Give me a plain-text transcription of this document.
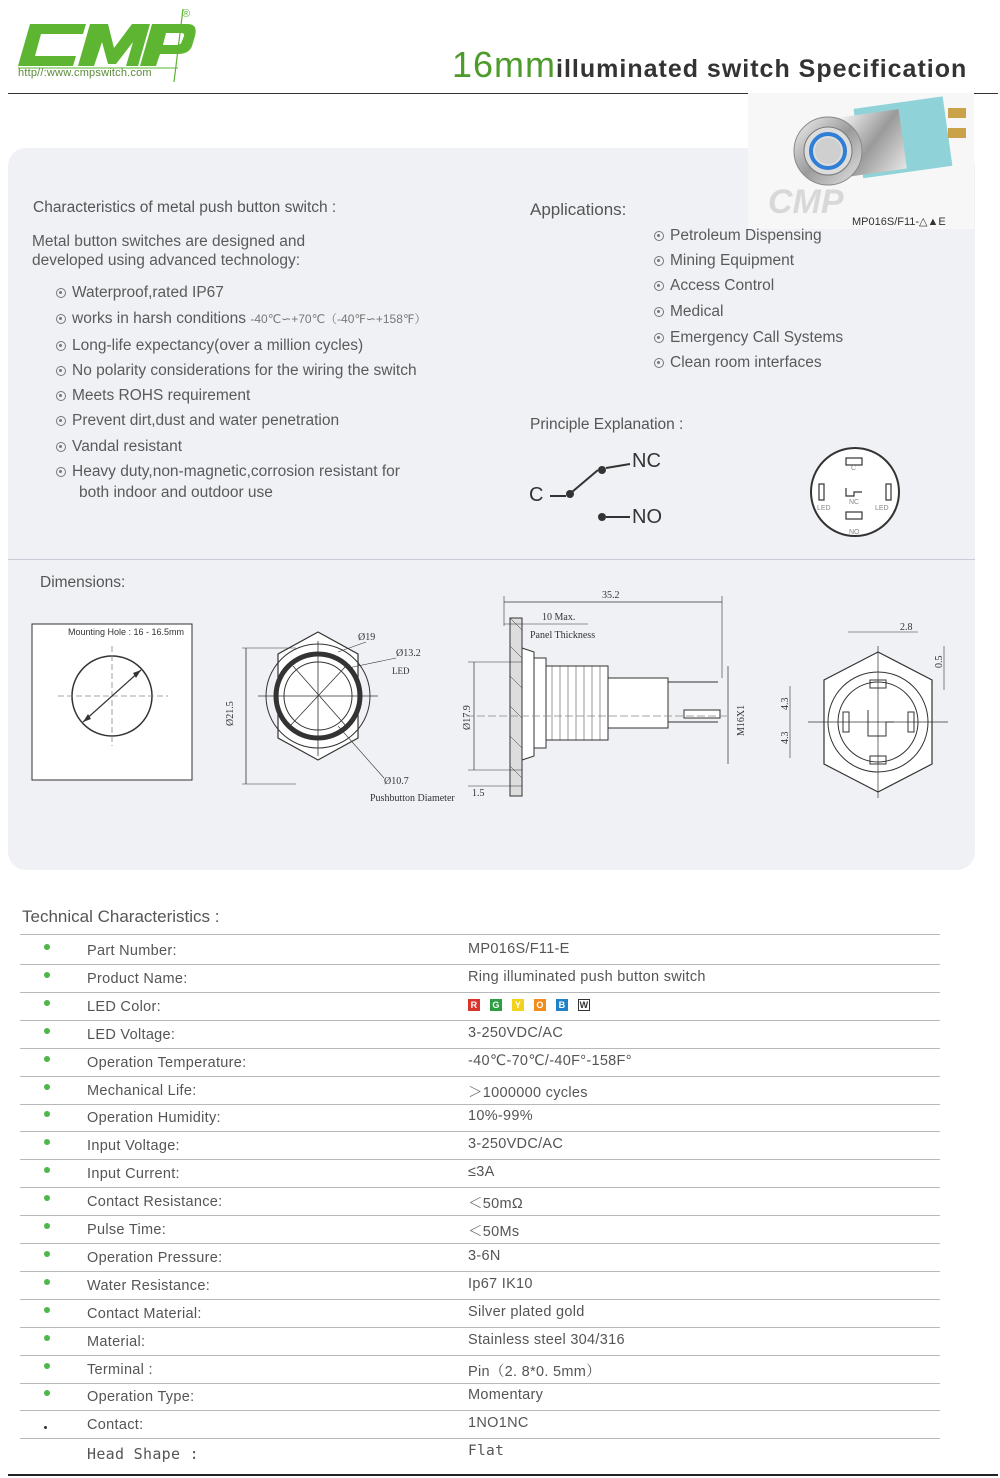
®
http//:www.cmpswitch.com	16mmilluminated switch Specification
CMP
MP016S/F11-△▲E
Characteristics of metal push button switch :
Metal button switches are designed and
developed using advanced technology:
Waterproof,rated IP67
works in harsh conditions -40℃∽+70℃（-40℉∽+158℉）
Long-life expectancy(over a million cycles)
No polarity considerations for the wiring the switch
Meets ROHS requirement
Prevent dirt,dust and water penetration
Vandal resistant
Heavy duty,non-magnetic,corrosion resistant for
both indoor and outdoor use
Applications:
Petroleum Dispensing
Mining Equipment
Access Control
Medical
Emergency Call Systems
Clean room interfaces
Principle Explanation :
C
NC
NO
C
NC
NO
LED	LED
Dimensions:
Mounting Hole : 16 - 16.5mm
Ø21.5
Ø19
Ø13.2
LED
Ø10.7
Pushbutton Diameter
35.2
10 Max.
Panel Thickness
Ø17.9	M16X1
1.5
2.8
0.5
4.3
4.3
Technical Characteristics :
Part Number:	MP016S/F11-E
Product Name:	Ring illuminated push button switch
LED Color:	R G Y O B W
LED Voltage:	3-250VDC/AC
Operation Temperature:	-40℃-70℃/-40F°-158F°
Mechanical Life:	＞1000000 cycles
Operation Humidity:	10%-99%
Input Voltage:	3-250VDC/AC
Input Current:	≤3A
Contact Resistance:	＜50mΩ
Pulse Time:	＜50Ms
Operation Pressure:	3-6N
Water Resistance:	Ip67 IK10
Contact Material:	Silver plated gold
Material:	Stainless steel 304/316
Terminal :	Pin（2. 8*0. 5mm）
Operation Type:	Momentary
Contact:	1NO1NC
Head Shape :	Flat
